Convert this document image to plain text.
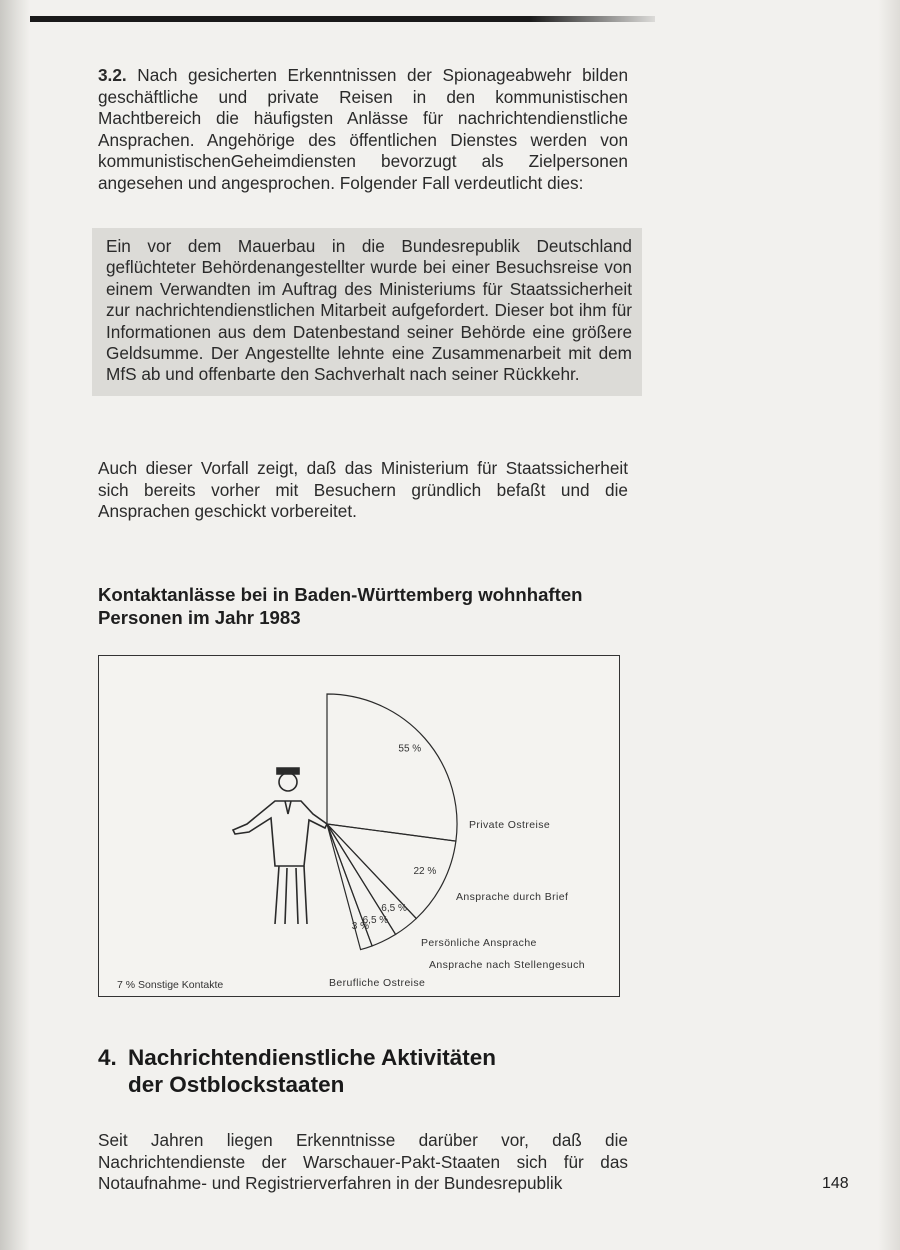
3.2. Nach gesicherten Erkenntnissen der Spionageabwehr bilden geschäftliche und private Reisen in den kommunistischen Machtbereich die häufigsten Anlässe für nachrichtendienstliche Ansprachen. Angehörige des öffentlichen Dienstes werden von kommunistischenGeheimdiensten bevorzugt als Zielpersonen angesehen und angesprochen. Folgender Fall verdeutlicht dies:

Ein vor dem Mauerbau in die Bundesrepublik Deutschland geflüchteter Behördenangestellter wurde bei einer Besuchsreise von einem Verwandten im Auftrag des Ministeriums für Staatssicherheit zur nachrichtendienstlichen Mitarbeit aufgefordert. Dieser bot ihm für Informationen aus dem Datenbestand seiner Behörde eine größere Geldsumme. Der Angestellte lehnte eine Zusammenarbeit mit dem MfS ab und offenbarte den Sachverhalt nach seiner Rückkehr.

Auch dieser Vorfall zeigt, daß das Ministerium für Staatssicherheit sich bereits vorher mit Besuchern gründlich befaßt und die Ansprachen geschickt vorbereitet.

Kontaktanlässe bei in Baden-Württemberg wohnhaften Personen im Jahr 1983
55 %
22 %
6,5 %
6,5 %
3 %
Private Ostreise
Ansprache durch Brief
Persönliche Ansprache
Ansprache nach Stellengesuch
Berufliche Ostreise
7 % Sonstige Kontakte
4. Nachrichtendienstliche Aktivitäten
der Ostblockstaaten

Seit Jahren liegen Erkenntnisse darüber vor, daß die Nachrichtendienste der Warschauer-Pakt-Staaten sich für das Notaufnahme- und Registrierverfahren in der Bundesrepublik	148
